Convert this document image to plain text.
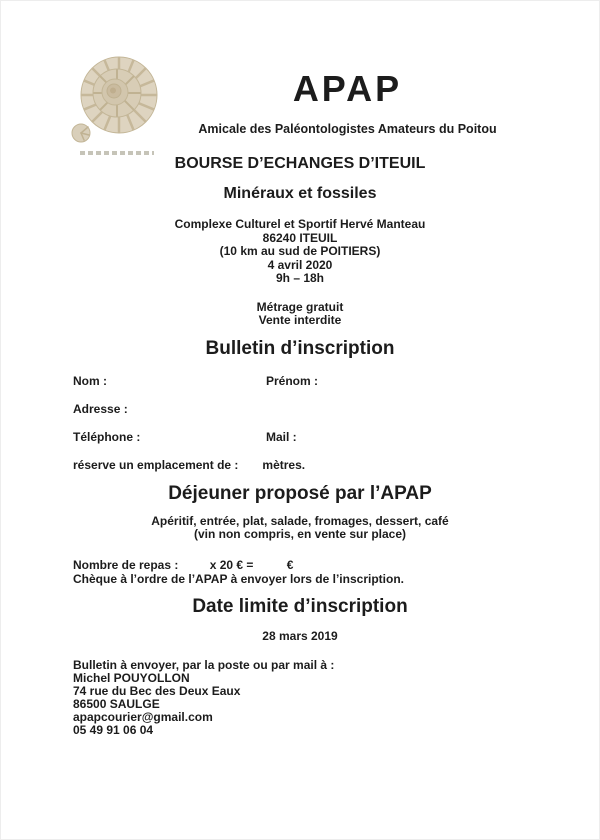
APAP
Amicale des Paléontologistes Amateurs du Poitou
BOURSE D’ECHANGES D’ITEUIL
Minéraux et fossiles
Complexe Culturel et Sportif Hervé Manteau
86240 ITEUIL
(10 km au sud de POITIERS)
4 avril 2020
9h – 18h
Métrage gratuit
Vente interdite
Bulletin d’inscription
Nom :	Prénom :
Adresse :
Téléphone :	Mail :
réserve un emplacement de : mètres.
Déjeuner proposé par l’APAP
Apéritif, entrée, plat, salade, fromages, dessert, café
(vin non compris, en vente sur place)
Nombre de repas :	x 20 € =	€
Chèque à l’ordre de l’APAP à envoyer lors de l’inscription.
Date limite d’inscription
28 mars 2019
Bulletin à envoyer, par la poste ou par mail à :
Michel POUYOLLON
74 rue du Bec des Deux Eaux
86500 SAULGE
apapcourier@gmail.com
05 49 91 06 04
